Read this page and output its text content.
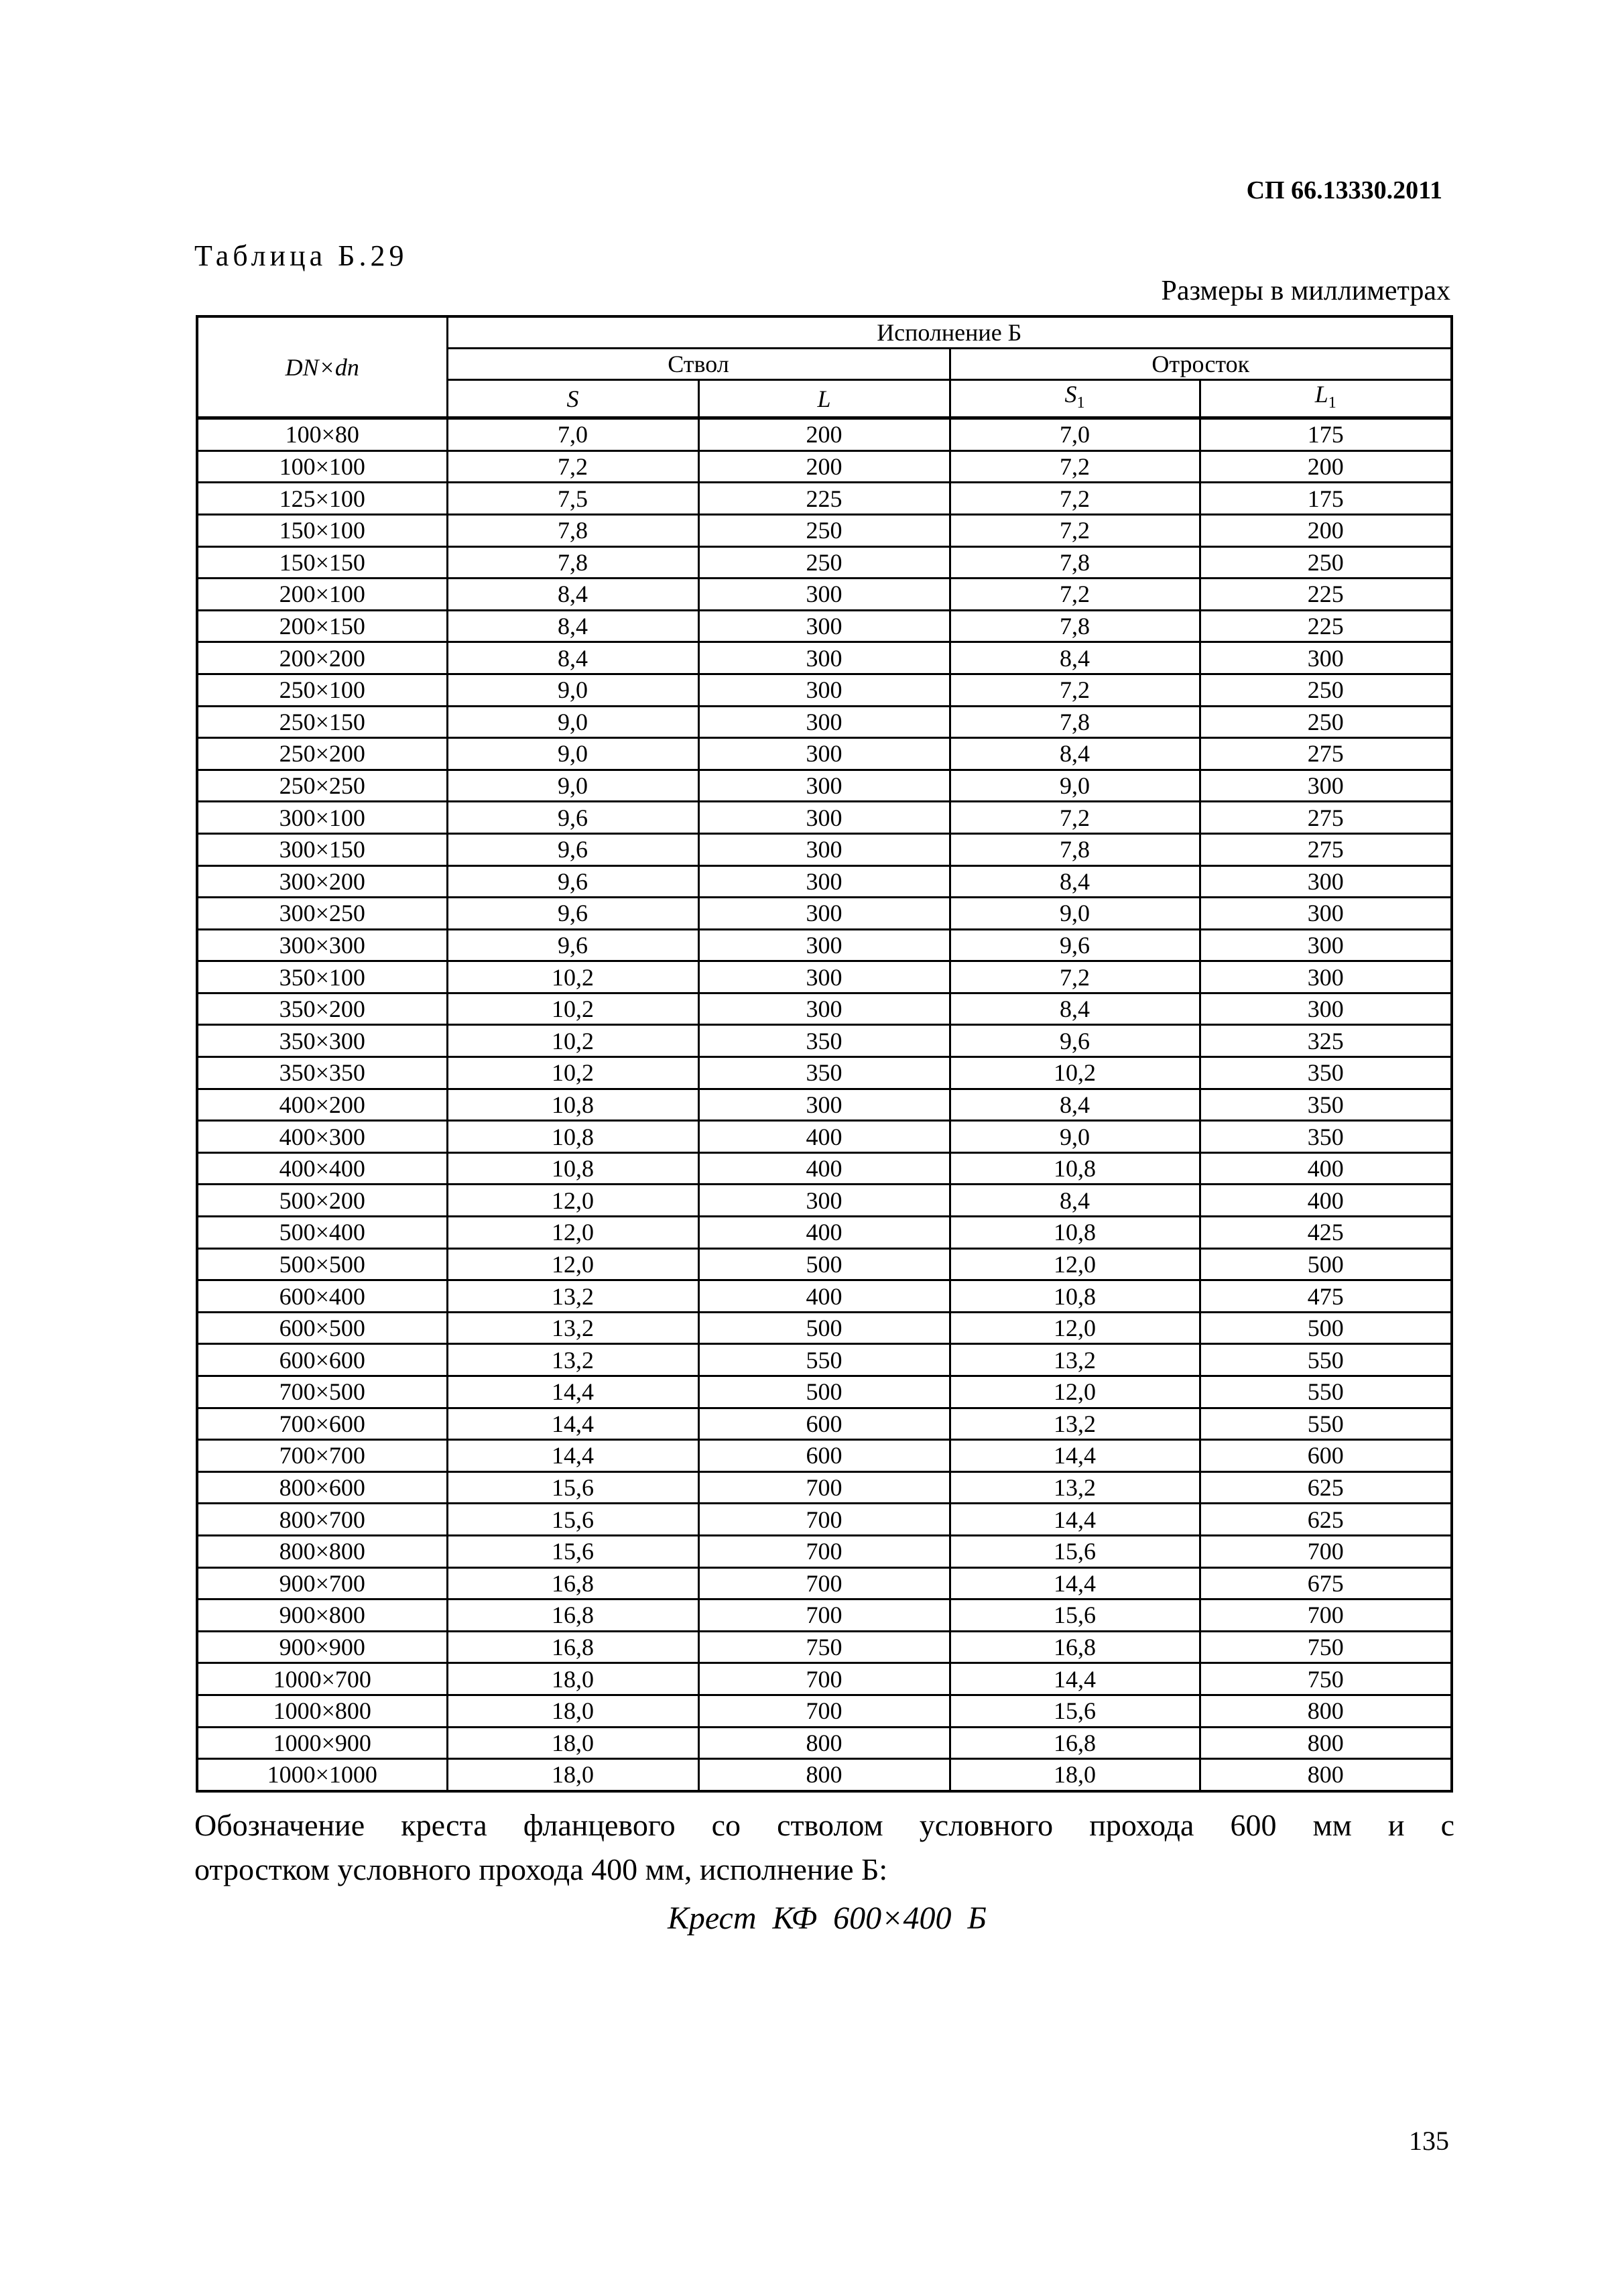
СП 66.13330.2011
Таблица Б.29
Размеры в миллиметрах
DN×dn	Исполнение Б			
	Ствол		Отросток	
	S	L	$S_1$	$L_1$
100×80	7,0	200	7,0	175
100×100	7,2	200	7,2	200
125×100	7,5	225	7,2	175
150×100	7,8	250	7,2	200
150×150	7,8	250	7,8	250
200×100	8,4	300	7,2	225
200×150	8,4	300	7,8	225
200×200	8,4	300	8,4	300
250×100	9,0	300	7,2	250
250×150	9,0	300	7,8	250
250×200	9,0	300	8,4	275
250×250	9,0	300	9,0	300
300×100	9,6	300	7,2	275
300×150	9,6	300	7,8	275
300×200	9,6	300	8,4	300
300×250	9,6	300	9,0	300
300×300	9,6	300	9,6	300
350×100	10,2	300	7,2	300
350×200	10,2	300	8,4	300
350×300	10,2	350	9,6	325
350×350	10,2	350	10,2	350
400×200	10,8	300	8,4	350
400×300	10,8	400	9,0	350
400×400	10,8	400	10,8	400
500×200	12,0	300	8,4	400
500×400	12,0	400	10,8	425
500×500	12,0	500	12,0	500
600×400	13,2	400	10,8	475
600×500	13,2	500	12,0	500
600×600	13,2	550	13,2	550
700×500	14,4	500	12,0	550
700×600	14,4	600	13,2	550
700×700	14,4	600	14,4	600
800×600	15,6	700	13,2	625
800×700	15,6	700	14,4	625
800×800	15,6	700	15,6	700
900×700	16,8	700	14,4	675
900×800	16,8	700	15,6	700
900×900	16,8	750	16,8	750
1000×700	18,0	700	14,4	750
1000×800	18,0	700	15,6	800
1000×900	18,0	800	16,8	800
1000×1000	18,0	800	18,0	800
Обозначение креста фланцевого со стволом условного прохода 600 мм и с
отростком условного прохода 400 мм, исполнение Б:
Крест КФ 600×400 Б
135
